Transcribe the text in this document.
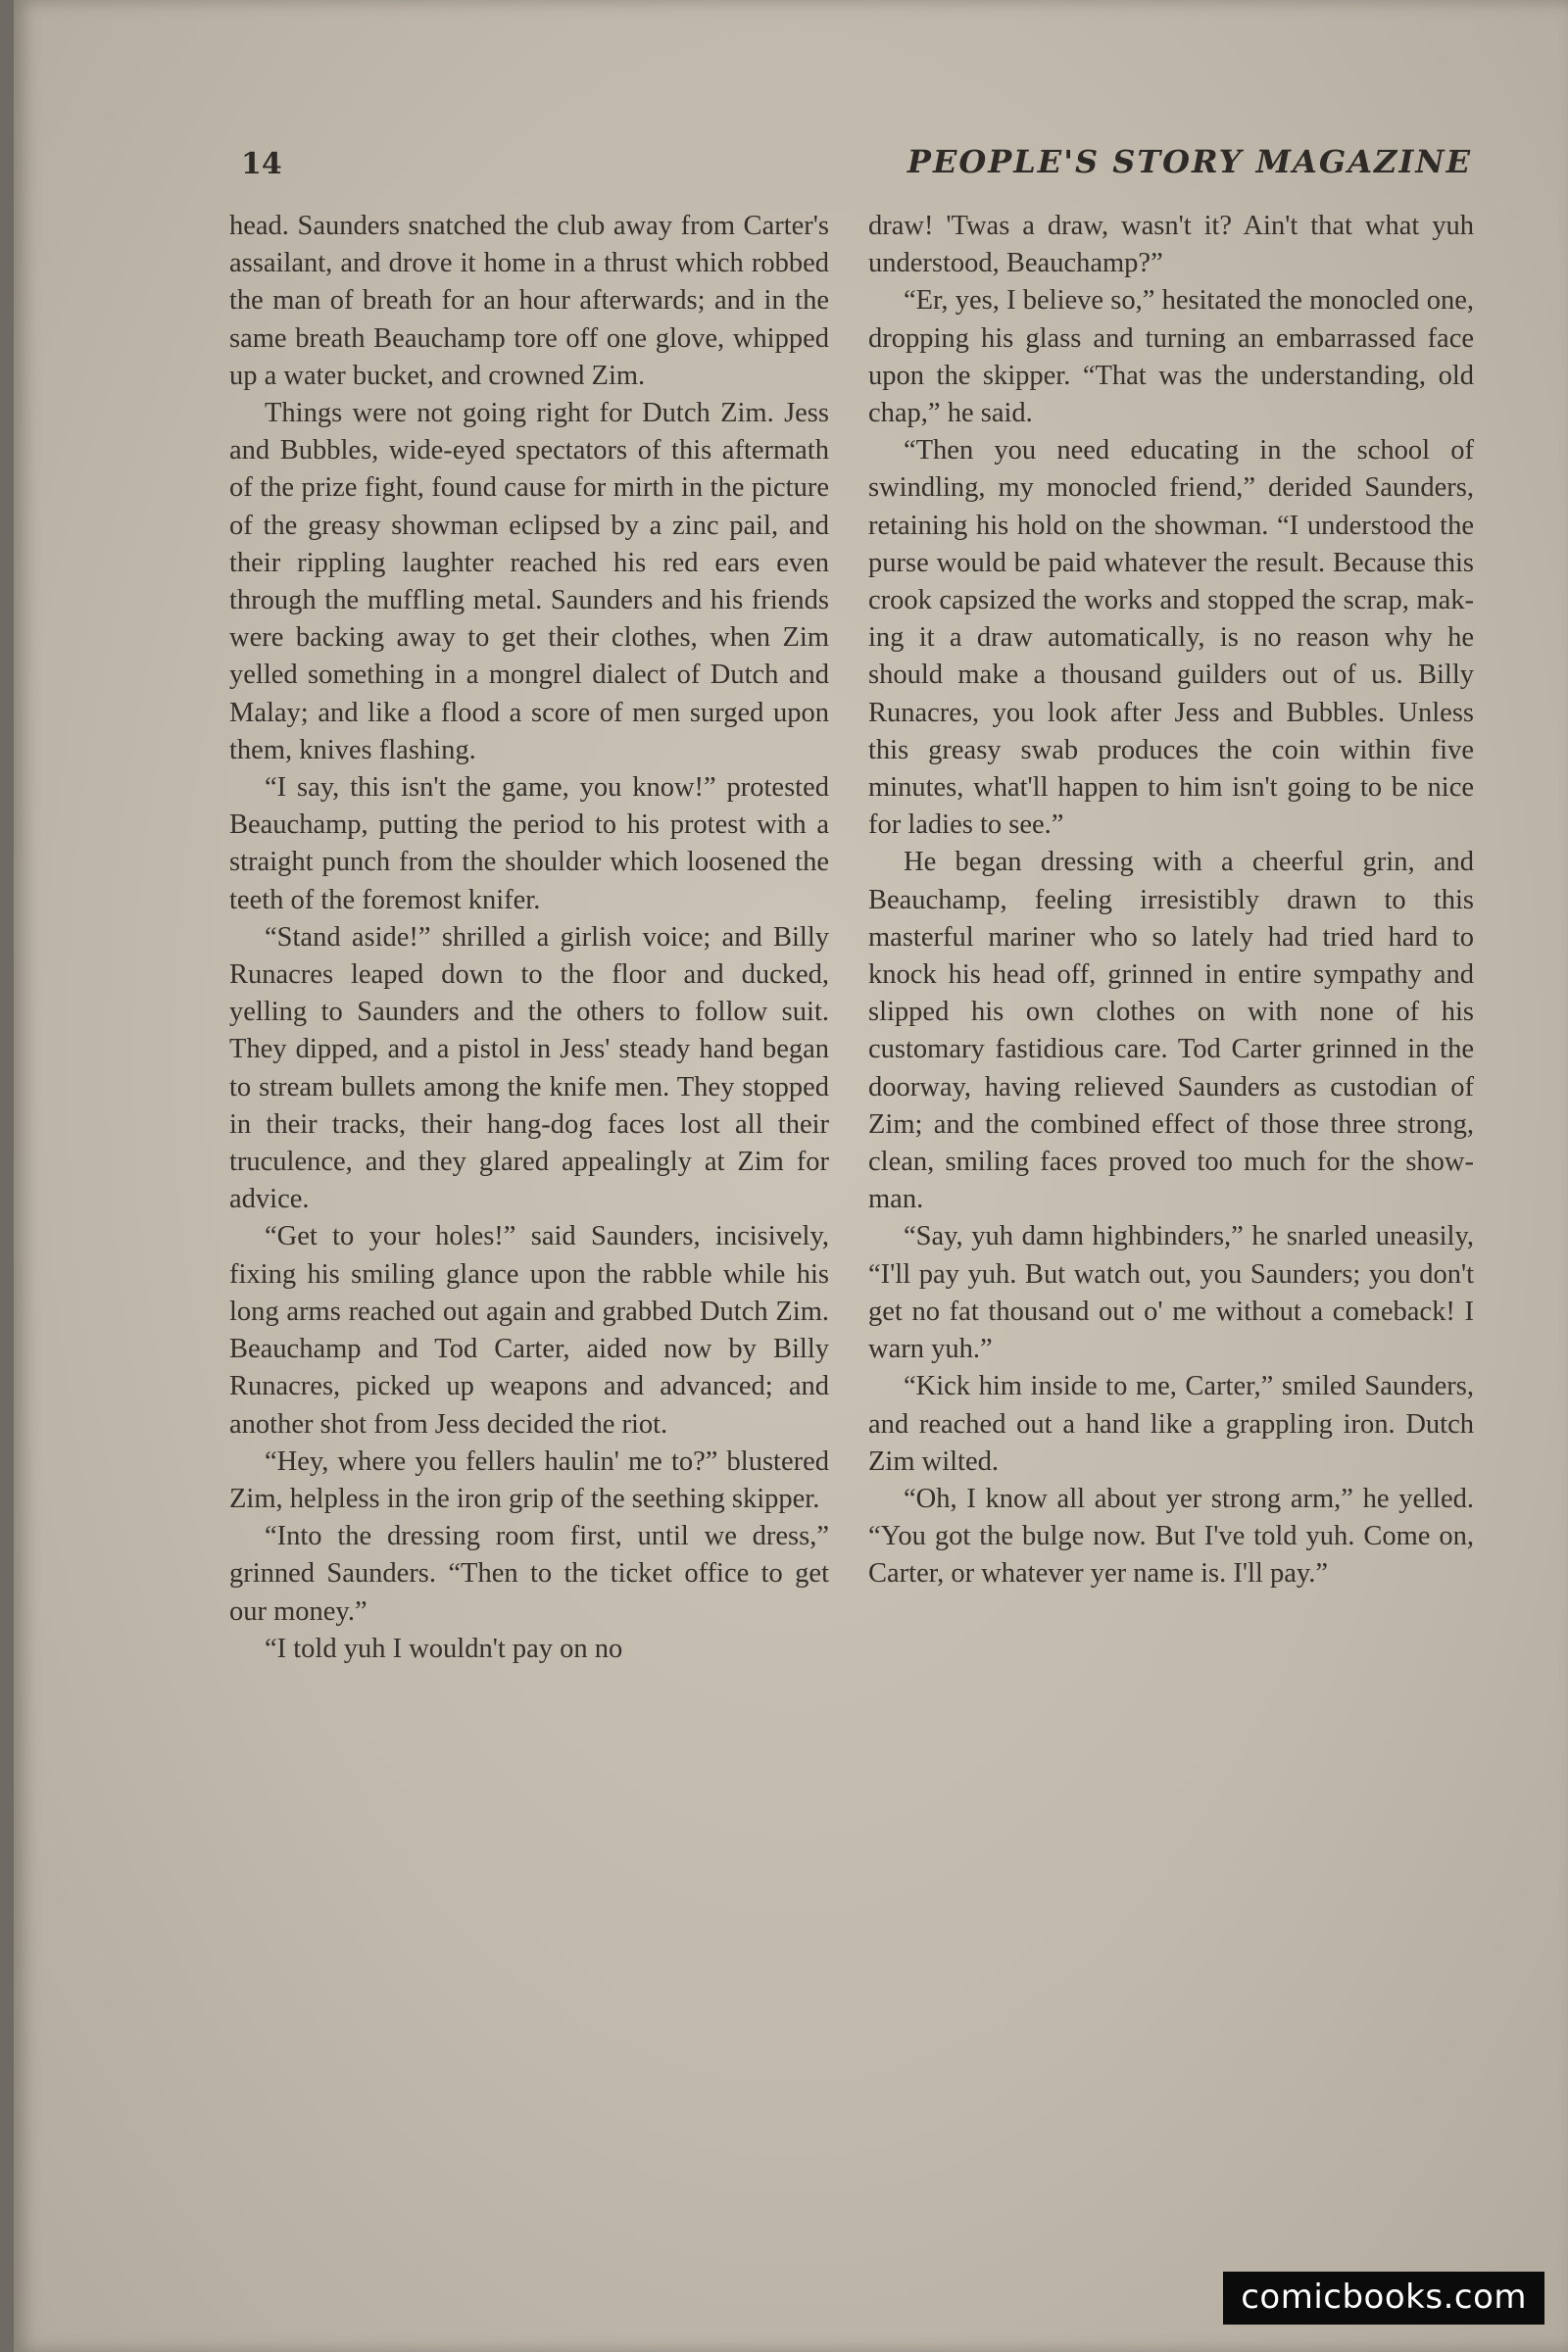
14	PEOPLE'S STORY MAGAZINE

head. Saunders snatched the club away from Carter's assailant, and drove it home in a thrust which robbed the man of breath for an hour afterwards; and in the same breath Beauchamp tore off one glove, whipped up a water bucket, and crowned Zim.

Things were not going right for Dutch Zim. Jess and Bubbles, wide-eyed spectators of this aftermath of the prize fight, found cause for mirth in the picture of the greasy showman eclipsed by a zinc pail, and their rippling laughter reached his red ears even through the muffling metal. Saunders and his friends were backing away to get their clothes, when Zim yelled something in a mongrel dialect of Dutch and Malay; and like a flood a score of men surged upon them, knives flashing.

“I say, this isn't the game, you know!” protested Beauchamp, putting the period to his protest with a straight punch from the shoulder which loosened the teeth of the foremost knifer.

“Stand aside!” shrilled a girlish voice; and Billy Runacres leaped down to the floor and ducked, yelling to Saunders and the others to follow suit. They dipped, and a pistol in Jess' steady hand began to stream bullets among the knife men. They stopped in their tracks, their hang-dog faces lost all their truculence, and they glared appealingly at Zim for advice.

“Get to your holes!” said Saunders, incisively, fixing his smiling glance upon the rabble while his long arms reached out again and grabbed Dutch Zim. Beauchamp and Tod Carter, aided now by Billy Runacres, picked up weapons and advanced; and another shot from Jess decided the riot.

“Hey, where you fellers haulin' me to?” blustered Zim, helpless in the iron grip of the seething skipper.

“Into the dressing room first, until we dress,” grinned Saunders. “Then to the ticket office to get our money.”

“I told yuh I wouldn't pay on no

draw! 'Twas a draw, wasn't it? Ain't that what yuh understood, Beauchamp?”

“Er, yes, I believe so,” hesitated the monocled one, dropping his glass and turning an embarrassed face upon the skipper. “That was the understanding, old chap,” he said.

“Then you need educating in the school of swindling, my monocled friend,” derided Saunders, retaining his hold on the showman. “I understood the purse would be paid whatever the result. Because this crook capsized the works and stopped the scrap, making it a draw automatically, is no reason why he should make a thousand guilders out of us. Billy Runacres, you look after Jess and Bubbles. Unless this greasy swab produces the coin within five minutes, what'll happen to him isn't going to be nice for ladies to see.”

He began dressing with a cheerful grin, and Beauchamp, feeling irresistibly drawn to this masterful mariner who so lately had tried hard to knock his head off, grinned in entire sympathy and slipped his own clothes on with none of his customary fastidious care. Tod Carter grinned in the doorway, having relieved Saunders as custodian of Zim; and the combined effect of those three strong, clean, smiling faces proved too much for the showman.

“Say, yuh damn highbinders,” he snarled uneasily, “I'll pay yuh. But watch out, you Saunders; you don't get no fat thousand out o' me without a comeback! I warn yuh.”

“Kick him inside to me, Carter,” smiled Saunders, and reached out a hand like a grappling iron. Dutch Zim wilted.

“Oh, I know all about yer strong arm,” he yelled. “You got the bulge now. But I've told yuh. Come on, Carter, or whatever yer name is. I'll pay.”

comicbooks.com
